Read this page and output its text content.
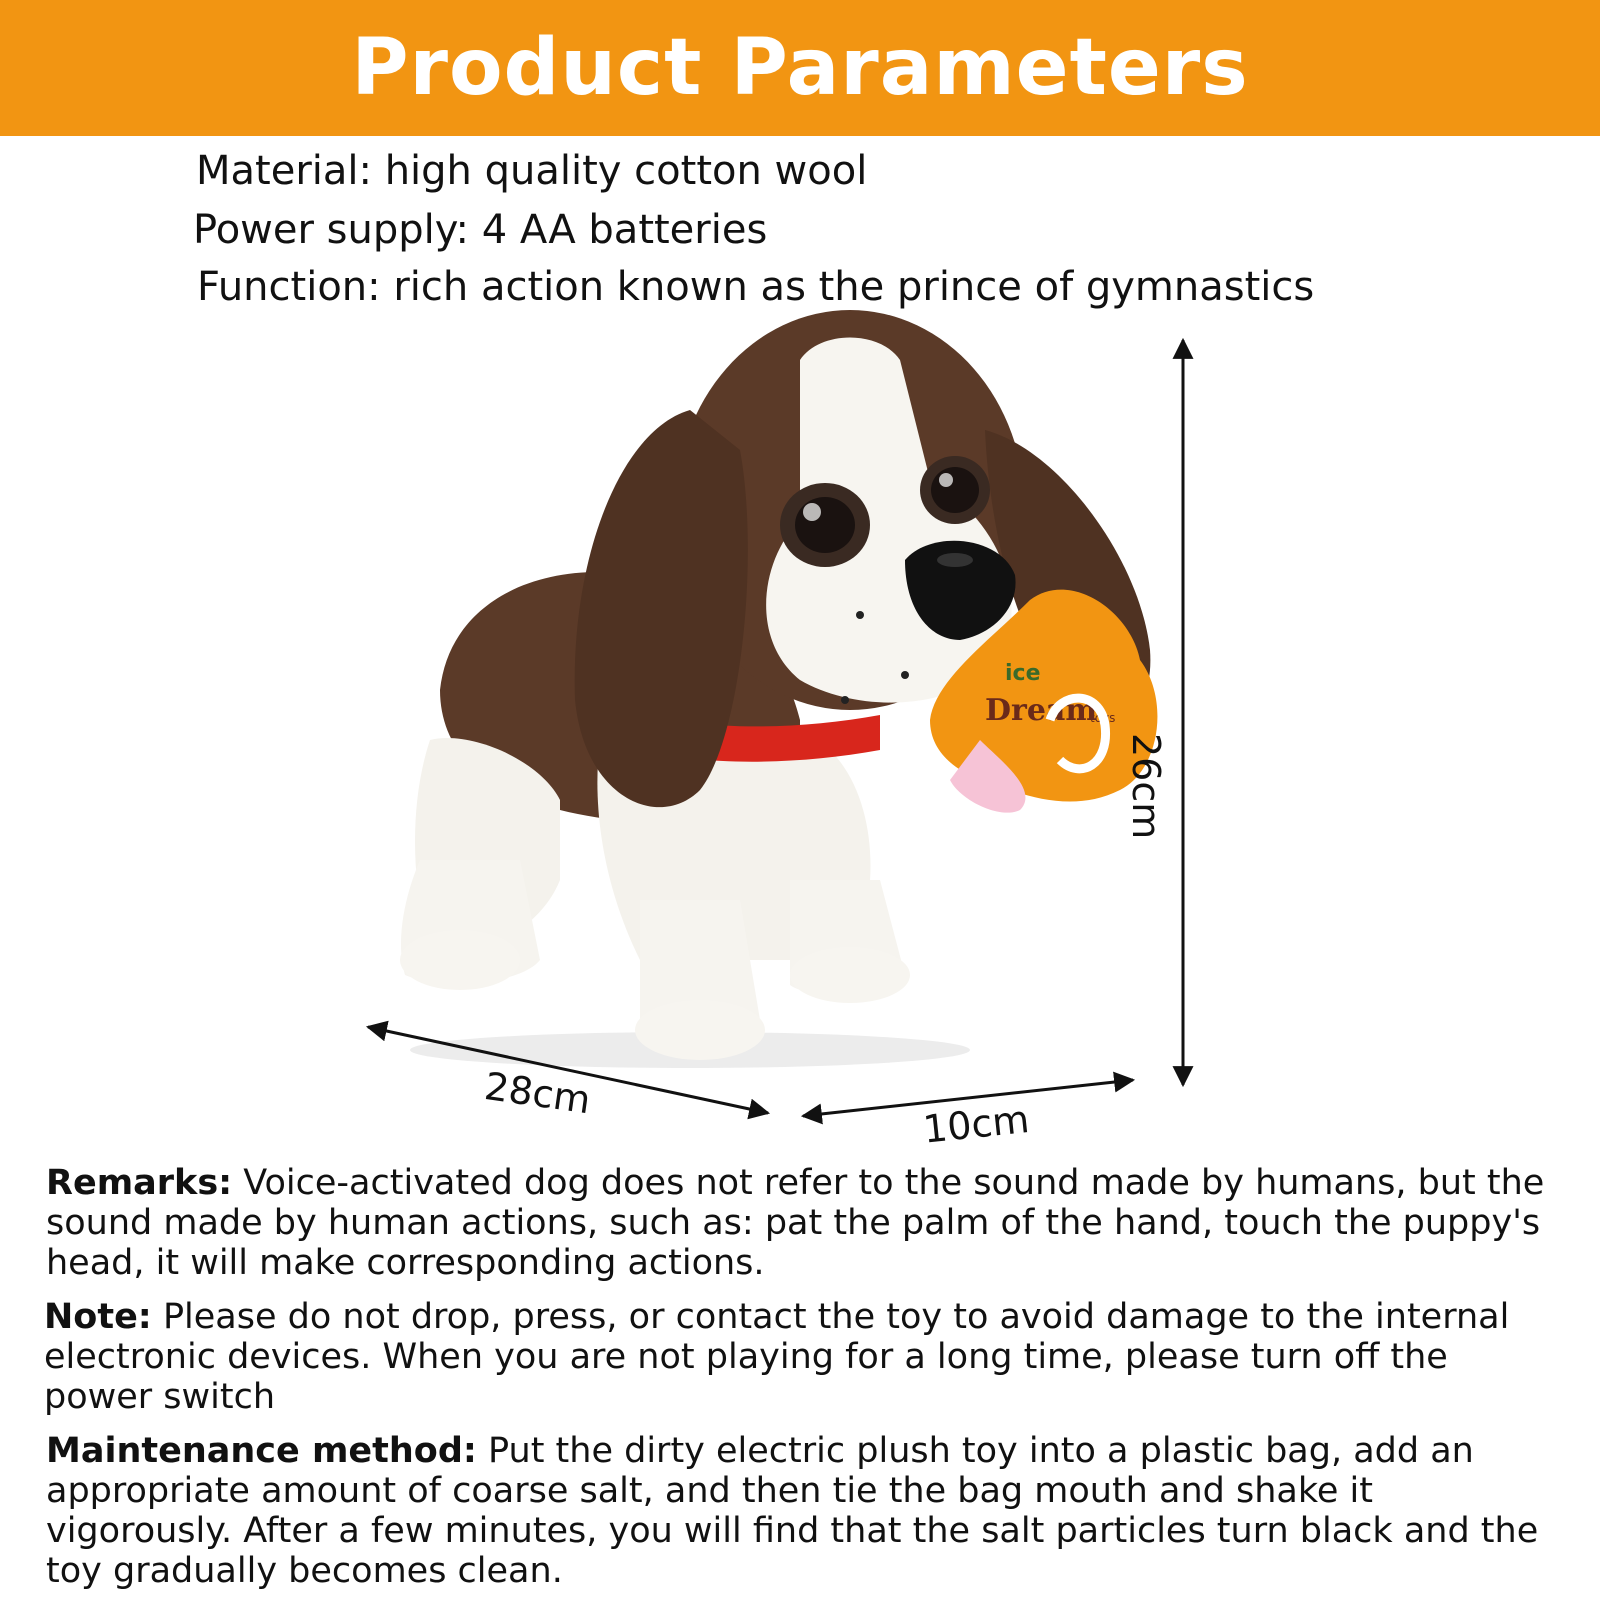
Product Parameters
Material: high quality cotton wool
Power supply: 4 AA batteries
Function: rich action known as the prince of gymnastics
ice
Dream
toys
26cm
28cm
10cm

Remarks: Voice-activated dog does not refer to the sound made by humans, but the sound made by human actions, such as: pat the palm of the hand, touch the puppy's head, it will make corresponding actions.

Note: Please do not drop, press, or contact the toy to avoid damage to the internal electronic devices. When you are not playing for a long time, please turn off the power switch

Maintenance method: Put the dirty electric plush toy into a plastic bag, add an appropriate amount of coarse salt, and then tie the bag mouth and shake it vigorously. After a few minutes, you will find that the salt particles turn black and the toy gradually becomes clean.
